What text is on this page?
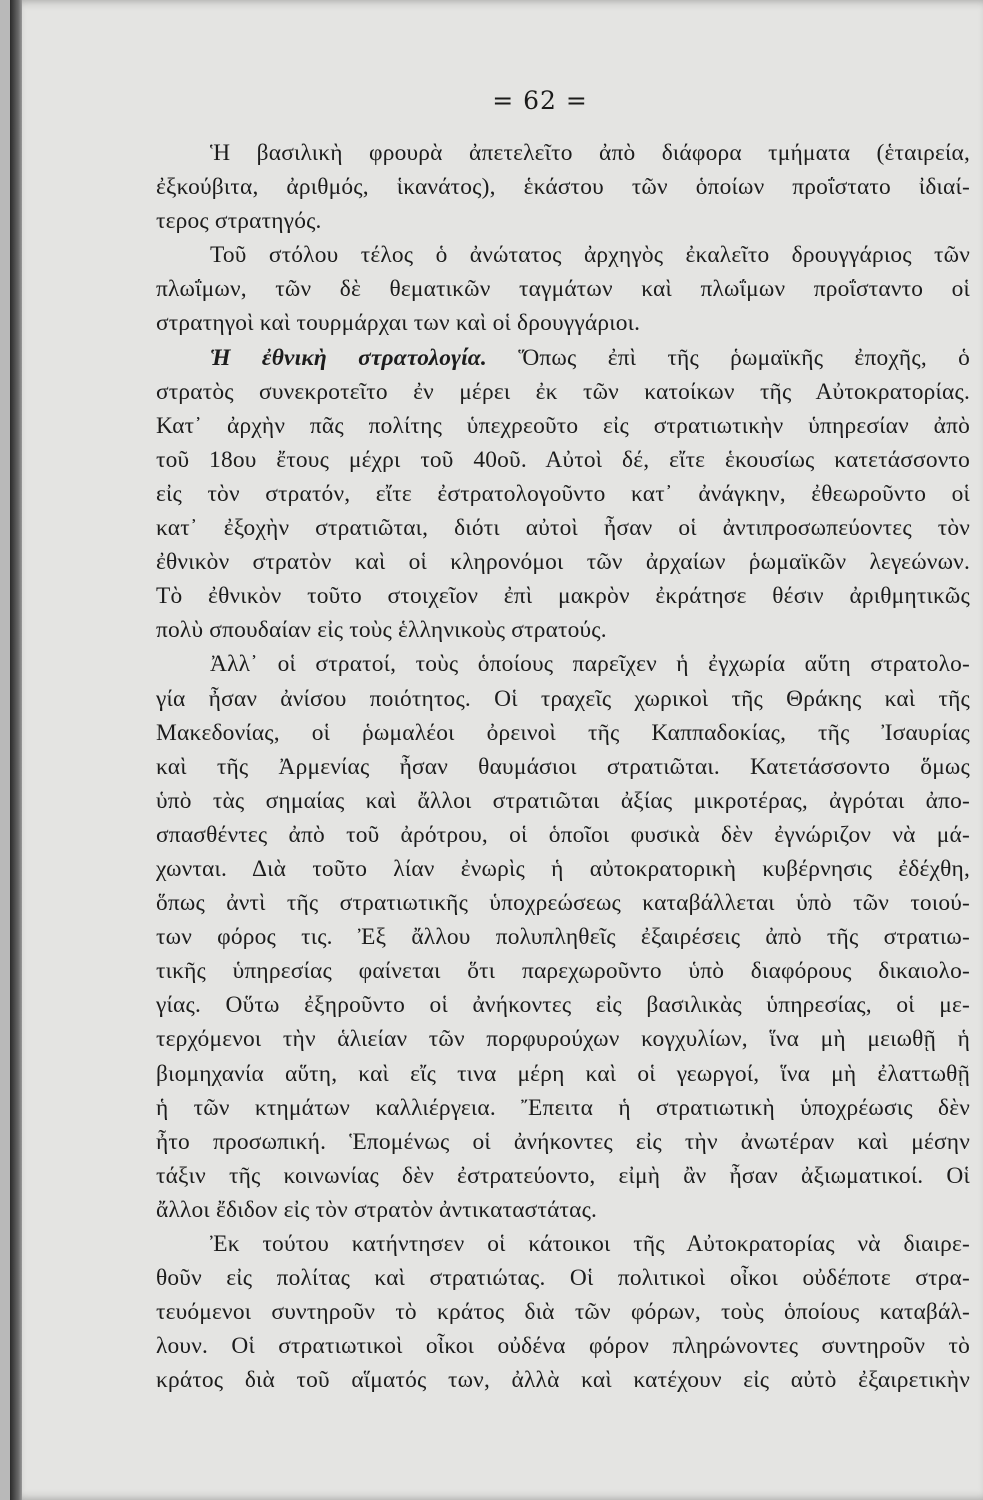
= 62 =
Ἡ βασιλικὴ φρουρὰ ἀπετελεῖτο ἀπὸ διάφορα τμήματα (ἑταιρεία,
ἐξκούβιτα, ἀριθμός, ἱκανάτος), ἑκάστου τῶν ὁποίων προΐστατο ἰδιαί-
τερος στρατηγός.
Τοῦ στόλου τέλος ὁ ἀνώτατος ἀρχηγὸς ἐκαλεῖτο δρουγγάριος τῶν
πλωΐμων, τῶν δὲ θεματικῶν ταγμάτων καὶ πλωΐμων προΐσταντο οἱ
στρατηγοὶ καὶ τουρμάρχαι των καὶ οἱ δρουγγάριοι.
Ἡ ἐθνικὴ στρατολογία. Ὅπως ἐπὶ τῆς ῥωμαϊκῆς ἐποχῆς, ὁ
στρατὸς συνεκροτεῖτο ἐν μέρει ἐκ τῶν κατοίκων τῆς Αὐτοκρατορίας.
Κατ᾿ ἀρχὴν πᾶς πολίτης ὑπεχρεοῦτο εἰς στρατιωτικὴν ὑπηρεσίαν ἀπὸ
τοῦ 18ου ἔτους μέχρι τοῦ 40οῦ. Αὐτοὶ δέ, εἴτε ἑκουσίως κατετάσσοντο
εἰς τὸν στρατόν, εἴτε ἐστρατολογοῦντο κατ᾿ ἀνάγκην, ἐθεωροῦντο οἱ
κατ᾿ ἐξοχὴν στρατιῶται, διότι αὐτοὶ ἦσαν οἱ ἀντιπροσωπεύοντες τὸν
ἐθνικὸν στρατὸν καὶ οἱ κληρονόμοι τῶν ἀρχαίων ῥωμαϊκῶν λεγεώνων.
Τὸ ἐθνικὸν τοῦτο στοιχεῖον ἐπὶ μακρὸν ἐκράτησε θέσιν ἀριθμητικῶς
πολὺ σπουδαίαν εἰς τοὺς ἑλληνικοὺς στρατούς.
Ἀλλ᾿ οἱ στρατοί, τοὺς ὁποίους παρεῖχεν ἡ ἐγχωρία αὕτη στρατολο-
γία ἦσαν ἀνίσου ποιότητος. Οἱ τραχεῖς χωρικοὶ τῆς Θράκης καὶ τῆς
Μακεδονίας, οἱ ῥωμαλέοι ὀρεινοὶ τῆς Καππαδοκίας, τῆς Ἰσαυρίας
καὶ τῆς Ἀρμενίας ἦσαν θαυμάσιοι στρατιῶται. Κατετάσσοντο ὅμως
ὑπὸ τὰς σημαίας καὶ ἄλλοι στρατιῶται ἀξίας μικροτέρας, ἀγρόται ἀπο-
σπασθέντες ἀπὸ τοῦ ἀρότρου, οἱ ὁποῖοι φυσικὰ δὲν ἐγνώριζον νὰ μά-
χωνται. Διὰ τοῦτο λίαν ἐνωρὶς ἡ αὐτοκρατορικὴ κυβέρνησις ἐδέχθη,
ὅπως ἀντὶ τῆς στρατιωτικῆς ὑποχρεώσεως καταβάλλεται ὑπὸ τῶν τοιού-
των φόρος τις. Ἐξ ἄλλου πολυπληθεῖς ἐξαιρέσεις ἀπὸ τῆς στρατιω-
τικῆς ὑπηρεσίας φαίνεται ὅτι παρεχωροῦντο ὑπὸ διαφόρους δικαιολο-
γίας. Οὕτω ἐξηροῦντο οἱ ἀνήκοντες εἰς βασιλικὰς ὑπηρεσίας, οἱ με-
τερχόμενοι τὴν ἁλιείαν τῶν πορφυρούχων κογχυλίων, ἵνα μὴ μειωθῇ ἡ
βιομηχανία αὕτη, καὶ εἴς τινα μέρη καὶ οἱ γεωργοί, ἵνα μὴ ἐλαττωθῇ
ἡ τῶν κτημάτων καλλιέργεια. Ἔπειτα ἡ στρατιωτικὴ ὑποχρέωσις δὲν
ἦτο προσωπική. Ἑπομένως οἱ ἀνήκοντες εἰς τὴν ἀνωτέραν καὶ μέσην
τάξιν τῆς κοινωνίας δὲν ἐστρατεύοντο, εἰμὴ ἂν ἦσαν ἀξιωματικοί. Οἱ
ἄλλοι ἔδιδον εἰς τὸν στρατὸν ἀντικαταστάτας.
Ἐκ τούτου κατήντησεν οἱ κάτοικοι τῆς Αὐτοκρατορίας νὰ διαιρε-
θοῦν εἰς πολίτας καὶ στρατιώτας. Οἱ πολιτικοὶ οἶκοι οὐδέποτε στρα-
τευόμενοι συντηροῦν τὸ κράτος διὰ τῶν φόρων, τοὺς ὁποίους καταβάλ-
λουν. Οἱ στρατιωτικοὶ οἶκοι οὐδένα φόρον πληρώνοντες συντηροῦν τὸ
κράτος διὰ τοῦ αἵματός των, ἀλλὰ καὶ κατέχουν εἰς αὐτὸ ἐξαιρετικὴν
